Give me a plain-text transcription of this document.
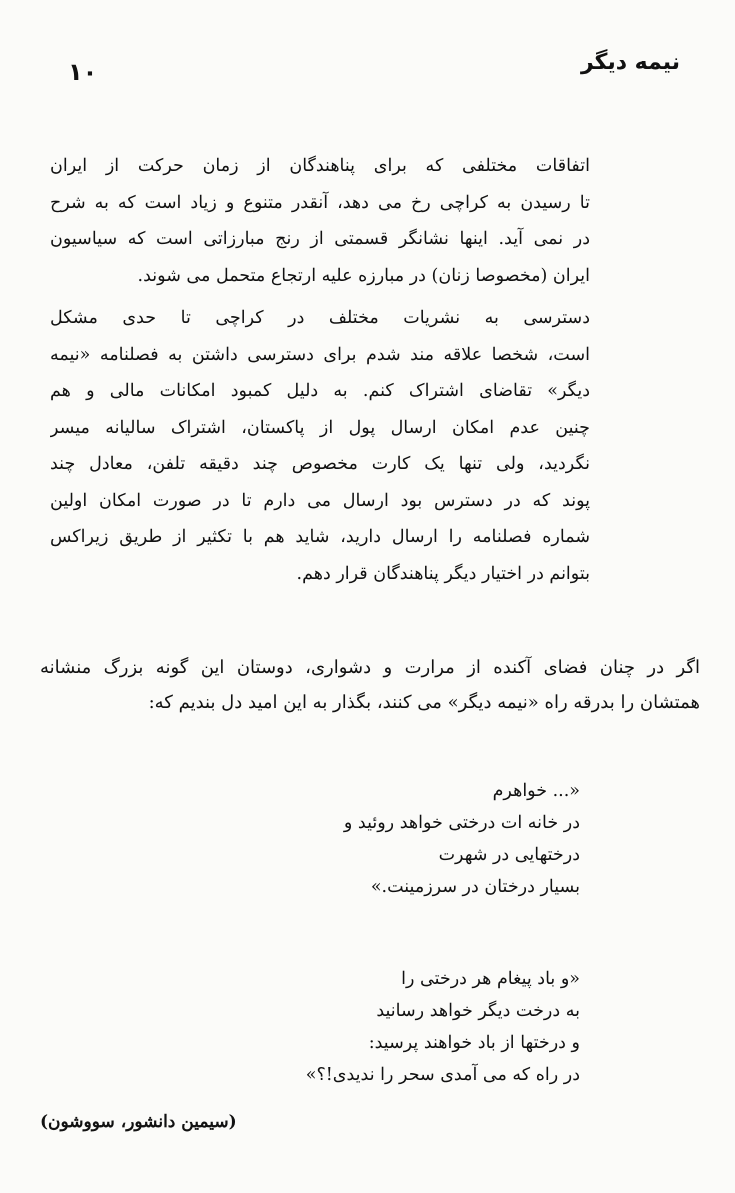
۱۰	نیمه دیگر
اتفاقات مختلفی که برای پناهندگان از زمان حرکت از ایران
تا رسیدن به کراچی رخ می دهد، آنقدر متنوع و زیاد است که به شرح
در نمی آید. اینها نشانگر قسمتی از رنج مبارزاتی است که سیاسیون
ایران (مخصوصا زنان) در مبارزه علیه ارتجاع متحمل می شوند.
دسترسی به نشریات مختلف در کراچی تا حدی مشکل
است، شخصا علاقه مند شدم برای دسترسی داشتن به فصلنامه «نیمه
دیگر» تقاضای اشتراک کنم. به دلیل کمبود امکانات مالی و هم
چنین عدم امکان ارسال پول از پاکستان، اشتراک سالیانه میسر
نگردید، ولی تنها یک کارت مخصوص چند دقیقه تلفن، معادل چند
پوند که در دسترس بود ارسال می دارم تا در صورت امکان اولین
شماره فصلنامه را ارسال دارید، شاید هم با تکثیر از طریق زیراکس
بتوانم در اختیار دیگر پناهندگان قرار دهم.
اگر در چنان فضای آکنده از مرارت و دشواری، دوستان این گونه بزرگ منشانه
همتشان را بدرقه راه «نیمه دیگر» می کنند، بگذار به این امید دل بندیم که:
«... خواهرم
در خانه ات درختی خواهد روئید و
درختهایی در شهرت
بسیار درختان در سرزمینت.»
«و باد پیغام هر درختی را
به درخت دیگر خواهد رسانید
و درختها از باد خواهند پرسید:
در راه که می آمدی سحر را ندیدی!؟»
(سیمین دانشور، سووشون)
